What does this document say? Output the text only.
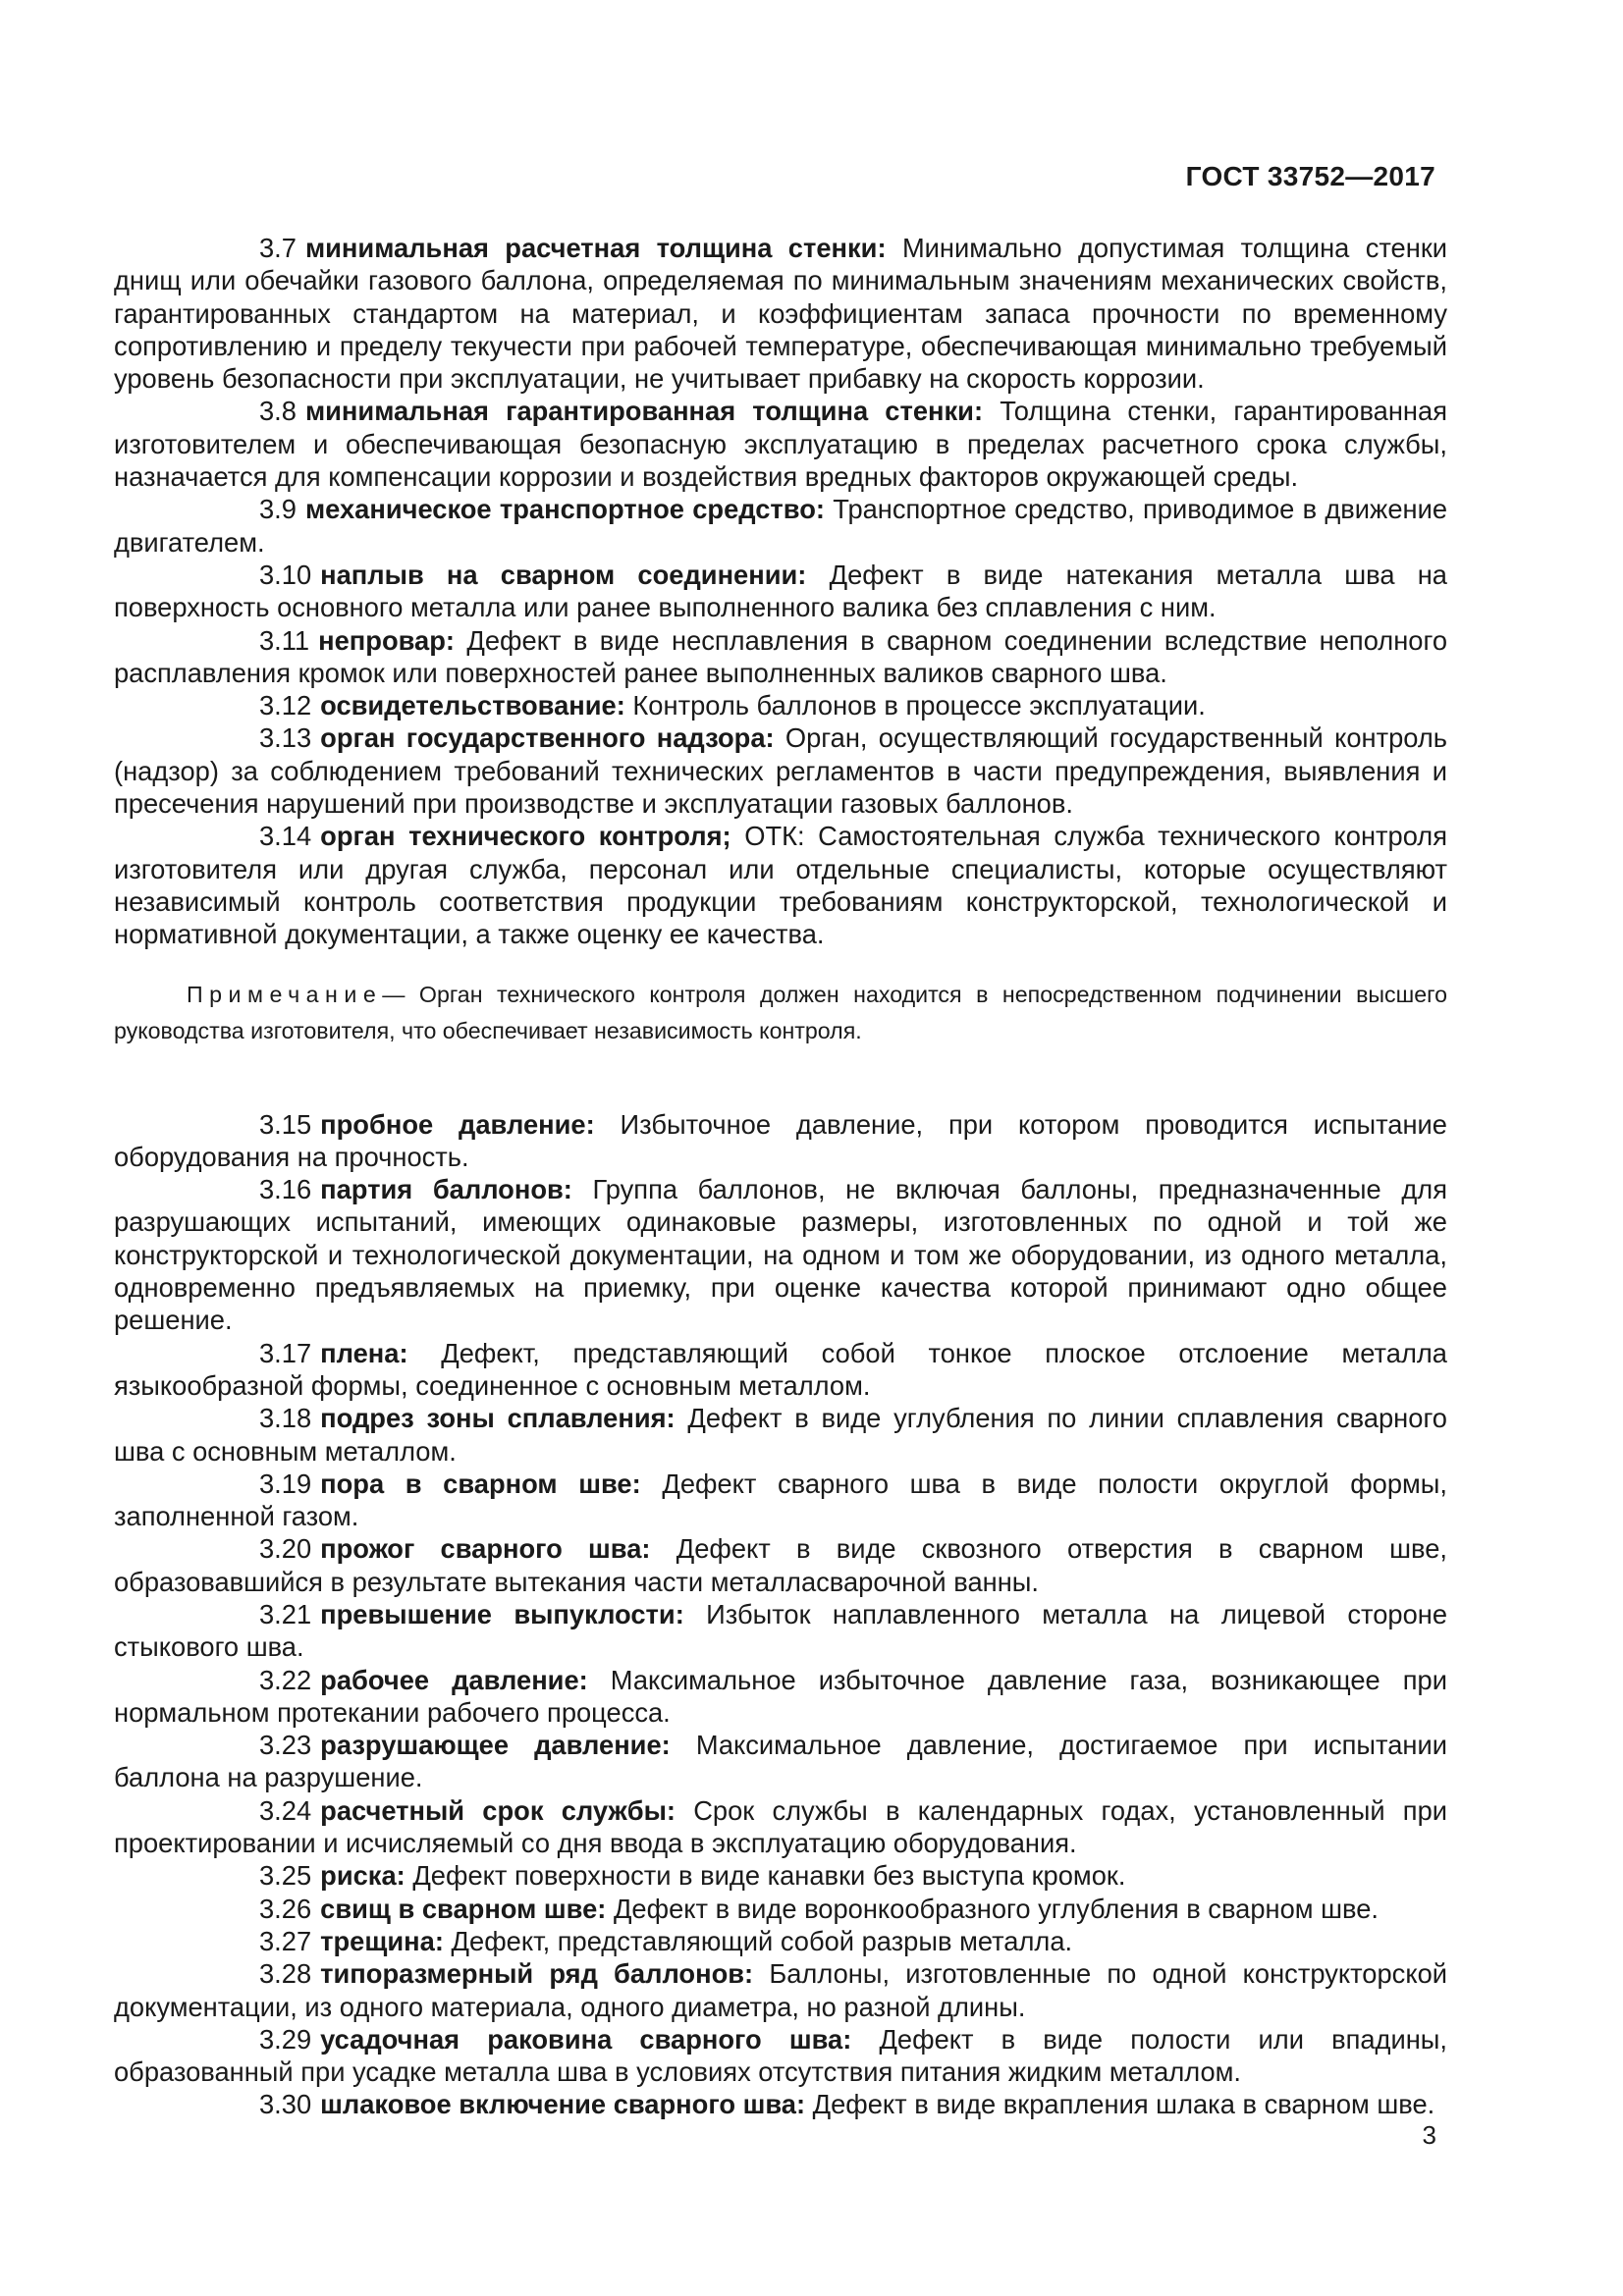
ГОСТ 33752—2017

3.7 минимальная расчетная толщина стенки: Минимально допустимая толщина стенки днищ или обечайки газового баллона, определяемая по минимальным значениям механических свойств, гарантированных стандартом на материал, и коэффициентам запаса прочности по временному сопротивлению и пределу текучести при рабочей температуре, обеспечивающая минимально требуемый уровень безопасности при эксплуатации, не учитывает прибавку на скорость коррозии.

3.8 минимальная гарантированная толщина стенки: Толщина стенки, гарантированная изготовителем и обеспечивающая безопасную эксплуатацию в пределах расчетного срока службы, назначается для компенсации коррозии и воздействия вредных факторов окружающей среды.

3.9 механическое транспортное средство: Транспортное средство, приводимое в движение двигателем.

3.10 наплыв на сварном соединении: Дефект в виде натекания металла шва на поверхность основного металла или ранее выполненного валика без сплавления с ним.

3.11 непровар: Дефект в виде несплавления в сварном соединении вследствие неполного расплавления кромок или поверхностей ранее выполненных валиков сварного шва.

3.12 освидетельствование: Контроль баллонов в процессе эксплуатации.

3.13 орган государственного надзора: Орган, осуществляющий государственный контроль (надзор) за соблюдением требований технических регламентов в части предупреждения, выявления и пресечения нарушений при производстве и эксплуатации газовых баллонов.

3.14 орган технического контроля; ОТК: Самостоятельная служба технического контроля изготовителя или другая служба, персонал или отдельные специалисты, которые осуществляют независимый контроль соответствия продукции требованиям конструкторской, технологической и нормативной документации, а также оценку ее качества.

Примечание— Орган технического контроля должен находится в непосредственном подчинении высшего руководства изготовителя, что обеспечивает независимость контроля.

3.15 пробное давление: Избыточное давление, при котором проводится испытание оборудования на прочность.

3.16 партия баллонов: Группа баллонов, не включая баллоны, предназначенные для разрушающих испытаний, имеющих одинаковые размеры, изготовленных по одной и той же конструкторской и технологической документации, на одном и том же оборудовании, из одного металла, одновременно предъявляемых на приемку, при оценке качества которой принимают одно общее решение.

3.17 плена: Дефект, представляющий собой тонкое плоское отслоение металла языкообразной формы, соединенное с основным металлом.

3.18 подрез зоны сплавления: Дефект в виде углубления по линии сплавления сварного шва с основным металлом.

3.19 пора в сварном шве: Дефект сварного шва в виде полости округлой формы, заполненной газом.

3.20 прожог сварного шва: Дефект в виде сквозного отверстия в сварном шве, образовавшийся в результате вытекания части металласварочной ванны.

3.21 превышение выпуклости: Избыток наплавленного металла на лицевой стороне стыкового шва.

3.22 рабочее давление: Максимальное избыточное давление газа, возникающее при нормальном протекании рабочего процесса.

3.23 разрушающее давление: Максимальное давление, достигаемое при испытании баллона на разрушение.

3.24 расчетный срок службы: Срок службы в календарных годах, установленный при проектировании и исчисляемый со дня ввода в эксплуатацию оборудования.

3.25 риска: Дефект поверхности в виде канавки без выступа кромок.

3.26 свищ в сварном шве: Дефект в виде воронкообразного углубления в сварном шве.

3.27 трещина: Дефект, представляющий собой разрыв металла.

3.28 типоразмерный ряд баллонов: Баллоны, изготовленные по одной конструкторской документации, из одного материала, одного диаметра, но разной длины.

3.29 усадочная раковина сварного шва: Дефект в виде полости или впадины, образованный при усадке металла шва в условиях отсутствия питания жидким металлом.

3.30 шлаковое включение сварного шва: Дефект в виде вкрапления шлака в сварном шве.

3
